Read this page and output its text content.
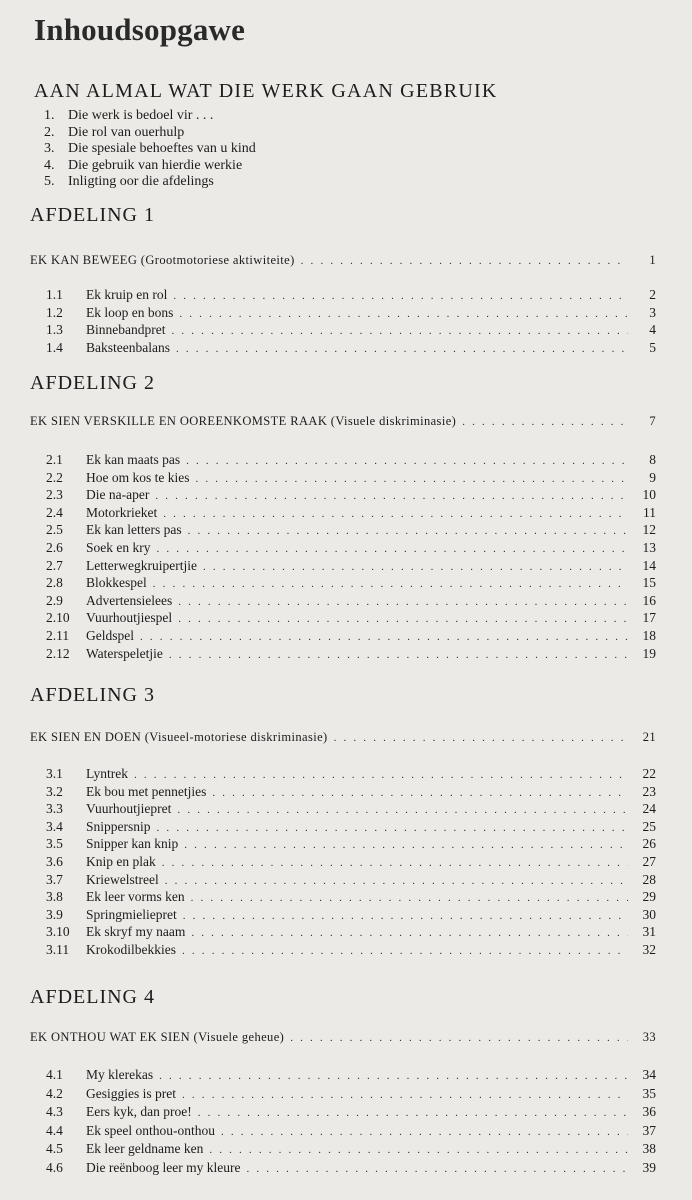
Inhoudsopgawe
AAN ALMAL WAT DIE WERK GAAN GEBRUIK
1. Die werk is bedoel vir . . .
2. Die rol van ouerhulp
3. Die spesiale behoeftes van u kind
4. Die gebruik van hierdie werkie
5. Inligting oor die afdelings
AFDELING 1
EK KAN BEWEEG (Grootmotoriese aktiwiteite) . . .	1
1.1	Ek kruip en rol . . .	2
1.2	Ek loop en bons . . .	3
1.3	Binnebandpret . . .	4
1.4	Baksteenbalans . . .	5
AFDELING 2
EK SIEN VERSKILLE EN OOREENKOMSTE RAAK (Visuele diskriminasie) . . .	7
2.1	Ek kan maats pas . . .	8
2.2	Hoe om kos te kies . . .	9
2.3	Die na-aper . . .	10
2.4	Motorkrieket . . .	11
2.5	Ek kan letters pas . . .	12
2.6	Soek en kry . . .	13
2.7	Letterwegkruipertjie . . .	14
2.8	Blokkespel . . .	15
2.9	Advertensielees . . .	16
2.10	Vuurhoutjiespel . . .	17
2.11	Geldspel . . .	18
2.12	Waterspeletjie . . .	19
AFDELING 3
EK SIEN EN DOEN (Visueel-motoriese diskriminasie) . . .	21
3.1	Lyntrek . . .	22
3.2	Ek bou met pennetjies . . .	23
3.3	Vuurhoutjiepret . . .	24
3.4	Snippersnip . . .	25
3.5	Snipper kan knip . . .	26
3.6	Knip en plak . . .	27
3.7	Kriewelstreel . . .	28
3.8	Ek leer vorms ken . . .	29
3.9	Springmieliepret . . .	30
3.10	Ek skryf my naam . . .	31
3.11	Krokodilbekkies . . .	32
AFDELING 4
EK ONTHOU WAT EK SIEN (Visuele geheue) . . .	33
4.1	My klerekas . . .	34
4.2	Gesiggies is pret . . .	35
4.3	Eers kyk, dan proe! . . .	36
4.4	Ek speel onthou-onthou . . .	37
4.5	Ek leer geldname ken . . .	38
4.6	Die reënboog leer my kleure . . .	39
